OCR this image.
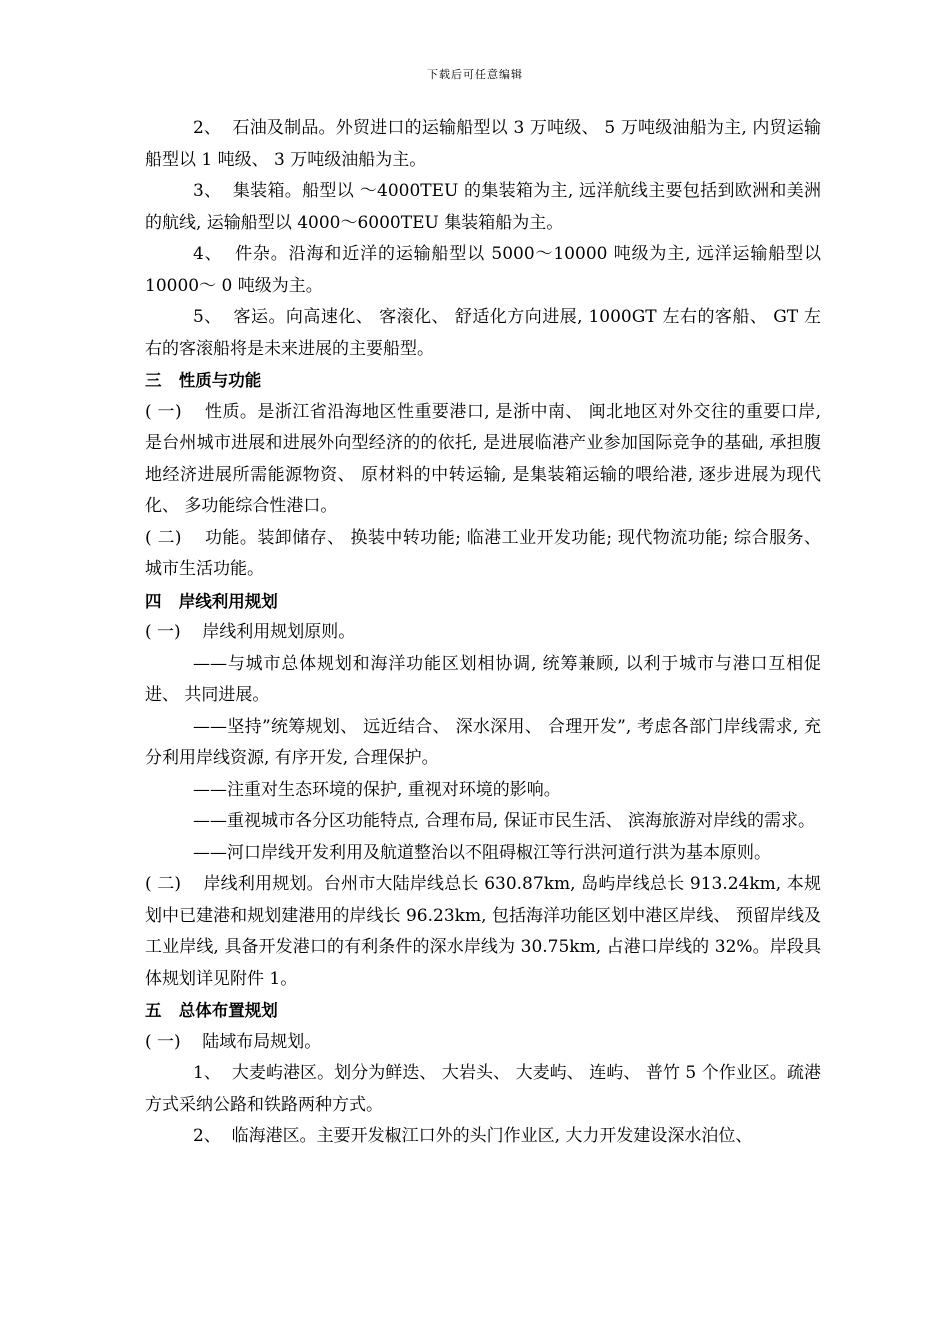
下载后可任意编辑

2、  石油及制品。外贸进口的运输船型以 3 万吨级、 5 万吨级油船为主, 内贸运输船型以 1 吨级、 3 万吨级油船为主。

3、  集装箱。船型以 ～4000TEU 的集装箱为主, 远洋航线主要包括到欧洲和美洲的航线, 运输船型以 4000～6000TEU 集装箱船为主。

4、  件杂。沿海和近洋的运输船型以 5000～10000 吨级为主, 远洋运输船型以 10000～ 0 吨级为主。

5、  客运。向高速化、 客滚化、 舒适化方向进展, 1000GT 左右的客船、 GT 左右的客滚船将是未来进展的主要船型。

三   性质与功能

( 一)    性质。是浙江省沿海地区性重要港口, 是浙中南、 闽北地区对外交往的重要口岸, 是台州城市进展和进展外向型经济的的依托, 是进展临港产业参加国际竞争的基础, 承担腹地经济进展所需能源物资、 原材料的中转运输, 是集装箱运输的喂给港, 逐步进展为现代化、 多功能综合性港口。

( 二)    功能。装卸储存、 换装中转功能; 临港工业开发功能; 现代物流功能; 综合服务、 城市生活功能。

四   岸线利用规划

( 一)    岸线利用规划原则。

——与城市总体规划和海洋功能区划相协调, 统筹兼顾, 以利于城市与港口互相促进、 共同进展。

——坚持”统筹规划、 远近结合、 深水深用、 合理开发”, 考虑各部门岸线需求, 充分利用岸线资源, 有序开发, 合理保护。

——注重对生态环境的保护, 重视对环境的影响。

——重视城市各分区功能特点, 合理布局, 保证市民生活、 滨海旅游对岸线的需求。

——河口岸线开发利用及航道整治以不阻碍椒江等行洪河道行洪为基本原则。

( 二)    岸线利用规划。台州市大陆岸线总长 630.87km, 岛屿岸线总长 913.24km, 本规划中已建港和规划建港用的岸线长 96.23km, 包括海洋功能区划中港区岸线、 预留岸线及工业岸线, 具备开发港口的有利条件的深水岸线为 30.75km, 占港口岸线的 32%。岸段具体规划详见附件 1。

五   总体布置规划

( 一)    陆域布局规划。

1、  大麦屿港区。划分为鲜迭、 大岩头、 大麦屿、 连屿、 普竹 5 个作业区。疏港方式采纳公路和铁路两种方式。

2、  临海港区。主要开发椒江口外的头门作业区, 大力开发建设深水泊位、
